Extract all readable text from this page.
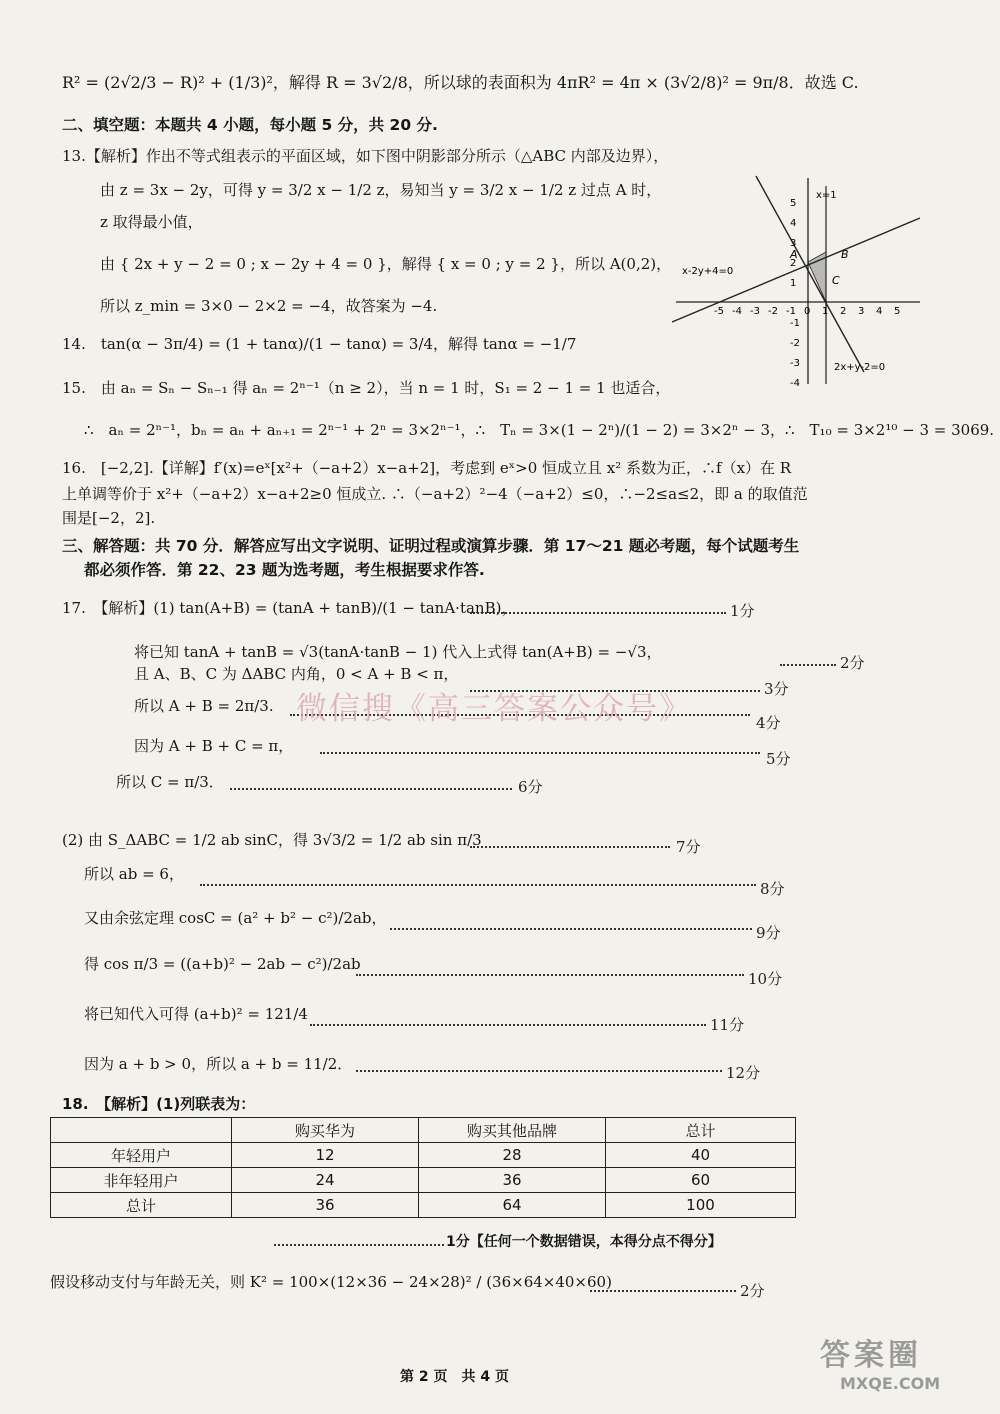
R² = (2√2/3 − R)² + (1/3)²，解得 R = 3√2/8，所以球的表面积为 4πR² = 4π × (3√2/8)² = 9π/8．故选 C.
二、填空题：本题共 4 小题，每小题 5 分，共 20 分.
13.【解析】作出不等式组表示的平面区域，如下图中阴影部分所示（△ABC 内部及边界），
由 z = 3x − 2y，可得 y = 3/2 x − 1/2 z，易知当 y = 3/2 x − 1/2 z 过点 A 时，
z 取得最小值，
由 { 2x + y − 2 = 0 ; x − 2y + 4 = 0 }，解得 { x = 0 ; y = 2 }，所以 A(0,2)，
所以 z_min = 3×0 − 2×2 = −4，故答案为 −4.
x=1
x-2y+4=0
2x+y-2=0
A	B
C
-5 -4 -3 -2 -1 0 1 2 3 4 5
5
4
3
2
1
-1
-2
-3
-4
14.　tan(α − 3π/4) = (1 + tanα)/(1 − tanα) = 3/4，解得 tanα = −1/7
15.　由 aₙ = Sₙ − Sₙ₋₁ 得 aₙ = 2ⁿ⁻¹（n ≥ 2），当 n = 1 时，S₁ = 2 − 1 = 1 也适合，
∴　aₙ = 2ⁿ⁻¹，bₙ = aₙ + aₙ₊₁ = 2ⁿ⁻¹ + 2ⁿ = 3×2ⁿ⁻¹，∴　Tₙ = 3×(1 − 2ⁿ)/(1 − 2) = 3×2ⁿ − 3，∴　T₁₀ = 3×2¹⁰ − 3 = 3069.
16.　[−2,2].【详解】f′(x)=eˣ[x²+（−a+2）x−a+2]，考虑到 eˣ>0 恒成立且 x² 系数为正，∴f（x）在 R
上单调等价于 x²+（−a+2）x−a+2≥0 恒成立. ∴（−a+2）²−4（−a+2）≤0，∴−2≤a≤2，即 a 的取值范
围是[−2，2].
三、解答题：共 70 分．解答应写出文字说明、证明过程或演算步骤．第 17～21 题必考题，每个试题考生
都必须作答．第 22、23 题为选考题，考生根据要求作答.
17.　【解析】(1) tan(A+B) = (tanA + tanB)/(1 − tanA·tanB)，	1分
将已知 tanA + tanB = √3(tanA·tanB − 1) 代入上式得 tan(A+B) = −√3，
且 A、B、C 为 ΔABC 内角，0 < A + B < π，
2分
3分
所以 A + B = 2π/3.
4分
微信搜《高三答案公众号》
因为 A + B + C = π，
5分
所以 C = π/3．	6分
(2) 由 S_ΔABC = 1/2 ab sinC，得 3√3/2 = 1/2 ab sin π/3	7分
所以 ab = 6，
8分
又由余弦定理 cosC = (a² + b² − c²)/2ab，
9分
得 cos π/3 = ((a+b)² − 2ab − c²)/2ab
10分
将已知代入可得 (a+b)² = 121/4
11分
因为 a + b > 0，所以 a + b = 11/2．	12分
18.　【解析】(1)列联表为：
	购买华为	购买其他品牌	总计
年轻用户	12	28	40
非年轻用户	24	36	60
总计	36	64	100
1分【任何一个数据错误，本得分点不得分】
假设移动支付与年龄无关，则 K² = 100×(12×36 − 24×28)² / (36×64×40×60)	2分
第 2 页　共 4 页
答案圈
MXQE.COM
